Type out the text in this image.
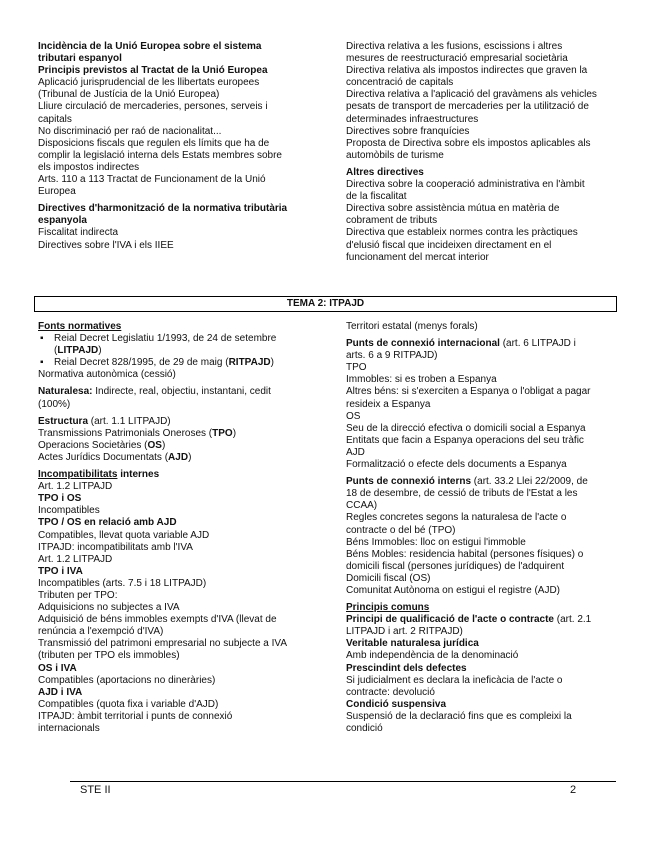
Incidència de la Unió Europea sobre el sistema
tributari espanyol
Principis previstos al Tractat de la Unió Europea
Aplicació jurisprudencial de les llibertats europees
(Tribunal de Justícia de la Unió Europea)
Lliure circulació de mercaderies, persones, serveis i
capitals
No discriminació per raó de nacionalitat...
Disposicions fiscals que regulen els límits que ha de
complir la legislació interna dels Estats membres sobre
els impostos indirectes
Arts. 110 a 113 Tractat de Funcionament de la Unió
Europea
Directives d'harmonització de la normativa tributària
espanyola
Fiscalitat indirecta
Directives sobre l'IVA i els IIEE
Directiva relativa a les fusions, escissions i altres
mesures de reestructuració empresarial societària
Directiva relativa als impostos indirectes que graven la
concentració de capitals
Directiva relativa a l'aplicació del gravàmens als vehicles
pesats de transport de mercaderies per la utilització de
determinades infraestructures
Directives sobre franquícies
Proposta de Directiva sobre els impostos aplicables als
automòbils de turisme
Altres directives
Directiva sobre la cooperació administrativa en l'àmbit
de la fiscalitat
Directiva sobre assistència mútua en matèria de
cobrament de tributs
Directiva que estableix normes contra les pràctiques
d'elusió fiscal que incideixen directament en el
funcionament del mercat interior
TEMA 2: ITPAJD
Fonts normatives
▪ Reial Decret Legislatiu 1/1993, de 24 de setembre
(LITPAJD)
▪ Reial Decret 828/1995, de 29 de maig (RITPAJD)
Normativa autonòmica (cessió)
Naturalesa: Indirecte, real, objectiu, instantani, cedit
(100%)
Estructura (art. 1.1 LITPAJD)
Transmissions Patrimonials Oneroses (TPO)
Operacions Societàries (OS)
Actes Jurídics Documentats (AJD)
Incompatibilitats internes
Art. 1.2 LITPAJD
TPO i OS
Incompatibles
TPO / OS en relació amb AJD
Compatibles, llevat quota variable AJD
ITPAJD: incompatibilitats amb l'IVA
Art. 1.2 LITPAJD
TPO i IVA
Incompatibles (arts. 7.5 i 18 LITPAJD)
Tributen per TPO:
Adquisicions no subjectes a IVA
Adquisició de béns immobles exempts d'IVA (llevat de
renúncia a l'exempció d'IVA)
Transmissió del patrimoni empresarial no subjecte a IVA
(tributen per TPO els immobles)
OS i IVA
Compatibles (aportacions no dineràries)
AJD i IVA
Compatibles (quota fixa i variable d'AJD)
ITPAJD: àmbit territorial i punts de connexió
internacionals
Territori estatal (menys forals)
Punts de connexió internacional (art. 6 LITPAJD i
arts. 6 a 9 RITPAJD)
TPO
Immobles: si es troben a Espanya
Altres béns: si s'exerciten a Espanya o l'obligat a pagar
resideix a Espanya
OS
Seu de la direcció efectiva o domicili social a Espanya
Entitats que facin a Espanya operacions del seu tràfic
AJD
Formalització o efecte dels documents a Espanya
Punts de connexió interns (art. 33.2 Llei 22/2009, de
18 de desembre, de cessió de tributs de l'Estat a les
CCAA)
Regles concretes segons la naturalesa de l'acte o
contracte o del bé (TPO)
Béns Immobles: lloc on estigui l'immoble
Béns Mobles: residencia habital (persones físiques) o
domicili fiscal (persones jurídiques) de l'adquirent
Domicili fiscal (OS)
Comunitat Autònoma on estigui el registre (AJD)
Principis comuns
Principi de qualificació de l'acte o contracte (art. 2.1
LITPAJD i art. 2 RITPAJD)
Veritable naturalesa jurídica
Amb independència de la denominació
Prescindint dels defectes
Si judicialment es declara la ineficàcia de l'acte o
contracte: devolució
Condició suspensiva
Suspensió de la declaració fins que es compleixi la
condició
STE II	2
